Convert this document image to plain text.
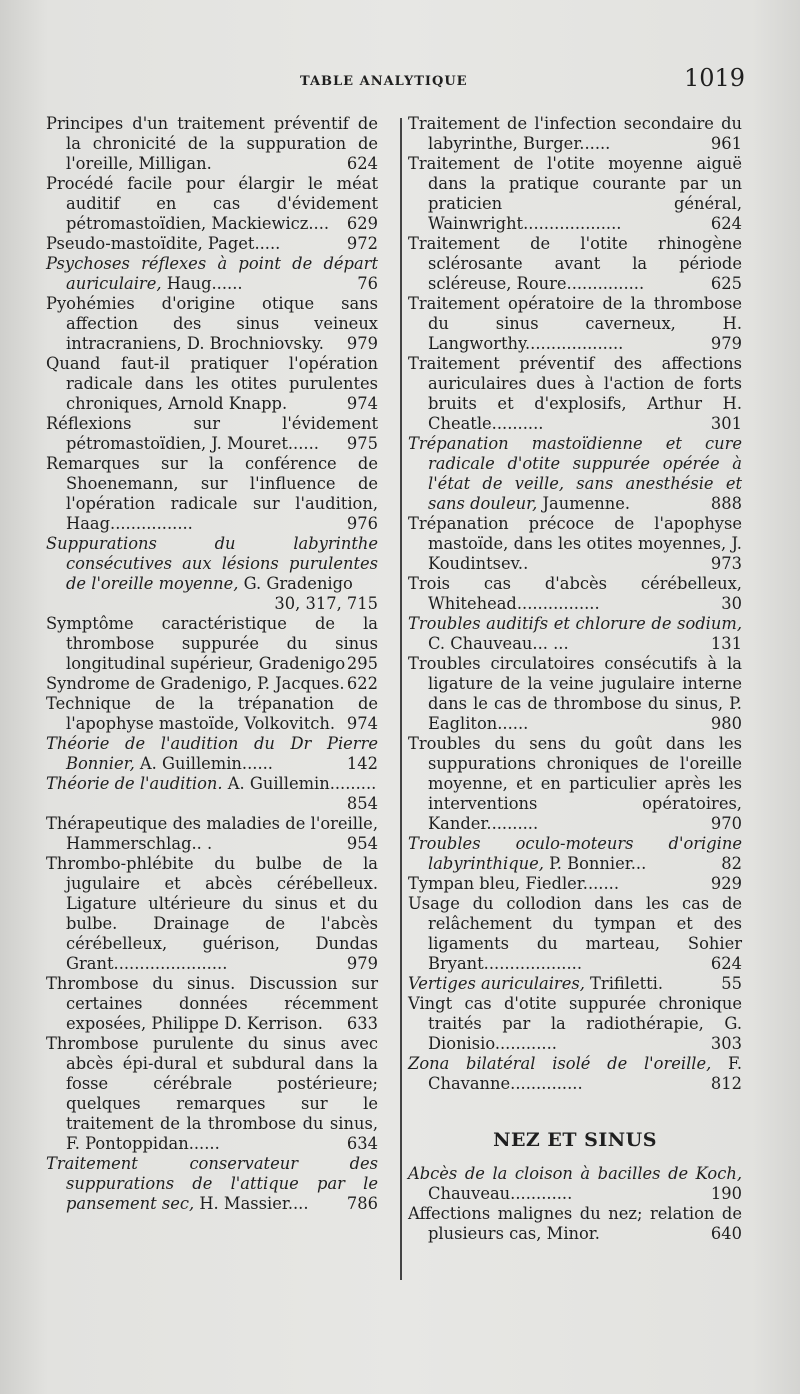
TABLE ANALYTIQUE	1019
Principes d'un traitement préventif de la chronicité de la suppuration de l'oreille, Milligan.	624
Procédé facile pour élargir le méat auditif en cas d'évidement pétromastoïdien, Mackiewicz.... 629
Pseudo-mastoïdite, Paget.....	972
Psychoses réflexes à point de départ auriculaire, Haug......	76
Pyohémies d'origine otique sans affection des sinus veineux intracraniens, D. Brochniovsky. 979
Quand faut-il pratiquer l'opération radicale dans les otites purulentes chroniques, Arnold Knapp.	974
Réflexions sur l'évidement pétromastoïdien, J. Mouret...... 975
Remarques sur la conférence de Shoenemann, sur l'influence de l'opération radicale sur l'audition, Haag................	976
Suppurations du labyrinthe consécutives aux lésions purulentes de l'oreille moyenne, G. Gradenigo
30, 317, 715
Symptôme caractéristique de la thrombose suppurée du sinus longitudinal supérieur, Gradenigo 295
Syndrome de Gradenigo, P. Jacques. 622
Technique de la trépanation de l'apophyse mastoïde, Volkovitch. 974
Théorie de l'audition du Dr Pierre Bonnier, A. Guillemin......	142
Théorie de l'audition. A. Guillemin.........
854
Thérapeutique des maladies de l'oreille, Hammerschlag.. .	954
Thrombo-phlébite du bulbe de la jugulaire et abcès cérébelleux. Ligature ultérieure du sinus et du bulbe. Drainage de l'abcès cérébelleux, guérison, Dundas Grant......................	979
Thrombose du sinus. Discussion sur certaines données récemment exposées, Philippe D. Kerrison. 633
Thrombose purulente du sinus avec abcès épi-dural et subdural dans la fosse cérébrale postérieure; quelques remarques sur le traitement de la thrombose du sinus, F. Pontoppidan......	634
Traitement conservateur des suppurations de l'attique par le pansement sec, H. Massier.... 786
Traitement de l'infection secondaire du labyrinthe, Burger......	961
Traitement de l'otite moyenne aiguë dans la pratique courante par un praticien général, Wainwright...................	624
Traitement de l'otite rhinogène sclérosante avant la période scléreuse, Roure...............	625
Traitement opératoire de la thrombose du sinus caverneux, H. Langworthy...................	979
Traitement préventif des affections auriculaires dues à l'action de forts bruits et d'explosifs, Arthur H. Cheatle..........	301
Trépanation mastoïdienne et cure radicale d'otite suppurée opérée à l'état de veille, sans anesthésie et sans douleur, Jaumenne.	888
Trépanation précoce de l'apophyse mastoïde, dans les otites moyennes, J. Koudintsev..	973
Trois cas d'abcès cérébelleux, Whitehead................	30
Troubles auditifs et chlorure de sodium, C. Chauveau... ...	131
Troubles circulatoires consécutifs à la ligature de la veine jugulaire interne dans le cas de thrombose du sinus, P. Eagliton......	980
Troubles du sens du goût dans les suppurations chroniques de l'oreille moyenne, et en particulier après les interventions opératoires, Kander..........	970
Troubles oculo-moteurs d'origine labyrinthique, P. Bonnier...	82
Tympan bleu, Fiedler.......	929
Usage du collodion dans les cas de relâchement du tympan et des ligaments du marteau, Sohier Bryant...................	624
Vertiges auriculaires, Trifiletti.	55
Vingt cas d'otite suppurée chronique traités par la radiothérapie, G. Dionisio............	303
Zona bilatéral isolé de l'oreille, F. Chavanne..............	812
NEZ ET SINUS
Abcès de la cloison à bacilles de Koch, Chauveau............	190
Affections malignes du nez; relation de plusieurs cas, Minor.	640
